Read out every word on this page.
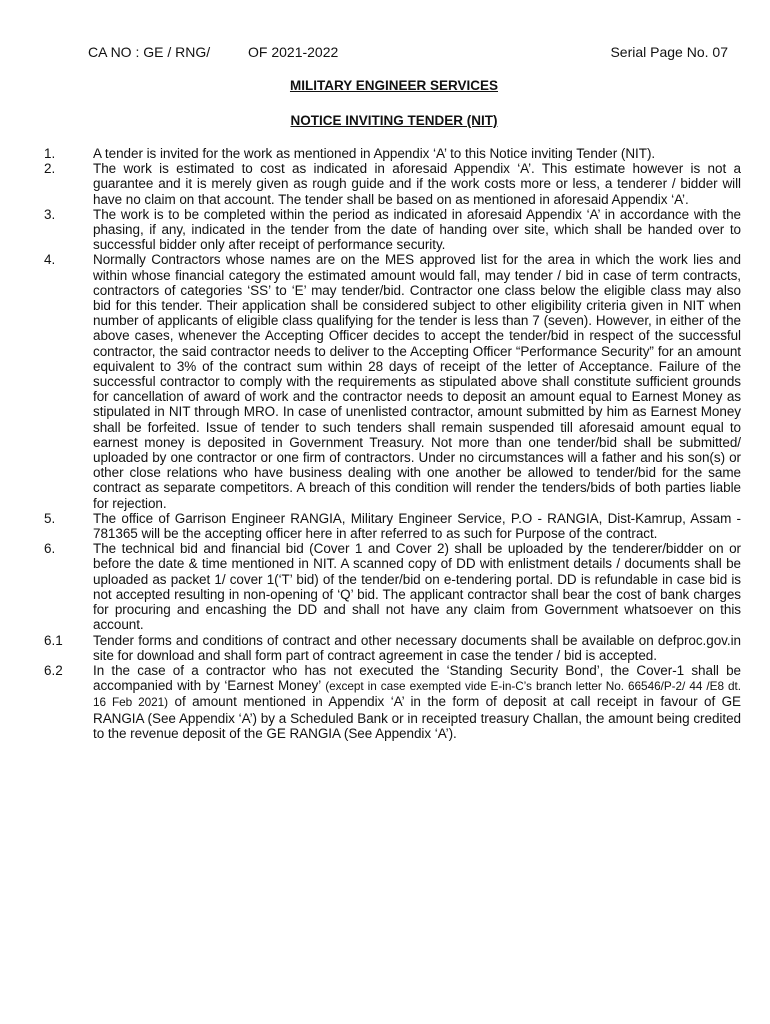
CA NO : GE / RNG/	OF 2021-2022	Serial Page No. 07
MILITARY ENGINEER SERVICES
NOTICE INVITING TENDER (NIT)
1.	A tender is invited for the work as mentioned in Appendix ‘A’ to this Notice inviting Tender (NIT).
2.	The work is estimated to cost as indicated in aforesaid Appendix ‘A’. This estimate however is not a guarantee and it is merely given as rough guide and if the work costs more or less, a tenderer / bidder will have no claim on that account. The tender shall be based on as mentioned in aforesaid Appendix ‘A’.
3.	The work is to be completed within the period as indicated in aforesaid Appendix ‘A’ in accordance with the phasing, if any, indicated in the tender from the date of handing over site, which shall be handed over to successful bidder only after receipt of performance security.
4.	Normally Contractors whose names are on the MES approved list for the area in which the work lies and within whose financial category the estimated amount would fall, may tender / bid in case of term contracts, contractors of categories ‘SS’ to ‘E’ may tender/bid. Contractor one class below the eligible class may also bid for this tender. Their application shall be considered subject to other eligibility criteria given in NIT when number of applicants of eligible class qualifying for the tender is less than 7 (seven). However, in either of the above cases, whenever the Accepting Officer decides to accept the tender/bid in respect of the successful contractor, the said contractor needs to deliver to the Accepting Officer “Performance Security” for an amount equivalent to 3% of the contract sum within 28 days of receipt of the letter of Acceptance. Failure of the successful contractor to comply with the requirements as stipulated above shall constitute sufficient grounds for cancellation of award of work and the contractor needs to deposit an amount equal to Earnest Money as stipulated in NIT through MRO. In case of unenlisted contractor, amount submitted by him as Earnest Money shall be forfeited. Issue of tender to such tenders shall remain suspended till aforesaid amount equal to earnest money is deposited in Government Treasury. Not more than one tender/bid shall be submitted/ uploaded by one contractor or one firm of contractors. Under no circumstances will a father and his son(s) or other close relations who have business dealing with one another be allowed to tender/bid for the same contract as separate competitors. A breach of this condition will render the tenders/bids of both parties liable for rejection.
5.	The office of Garrison Engineer RANGIA, Military Engineer Service, P.O - RANGIA, Dist-Kamrup, Assam - 781365 will be the accepting officer here in after referred to as such for Purpose of the contract.
6.	The technical bid and financial bid (Cover 1 and Cover 2) shall be uploaded by the tenderer/bidder on or before the date & time mentioned in NIT. A scanned copy of DD with enlistment details / documents shall be uploaded as packet 1/ cover 1(‘T’ bid) of the tender/bid on e-tendering portal. DD is refundable in case bid is not accepted resulting in non-opening of ‘Q’ bid. The applicant contractor shall bear the cost of bank charges for procuring and encashing the DD and shall not have any claim from Government whatsoever on this account.
6.1 Tender forms and conditions of contract and other necessary documents shall be available on defproc.gov.in site for download and shall form part of contract agreement in case the tender / bid is accepted.
6.2 In the case of a contractor who has not executed the ‘Standing Security Bond’, the Cover-1 shall be accompanied with by ‘Earnest Money’ (except in case exempted vide E-in-C’s branch letter No. 66546/P-2/ 44 /E8 dt. 16 Feb 2021) of amount mentioned in Appendix ‘A’ in the form of deposit at call receipt in favour of GE RANGIA (See Appendix ‘A’) by a Scheduled Bank or in receipted treasury Challan, the amount being credited to the revenue deposit of the GE RANGIA (See Appendix ‘A’).
